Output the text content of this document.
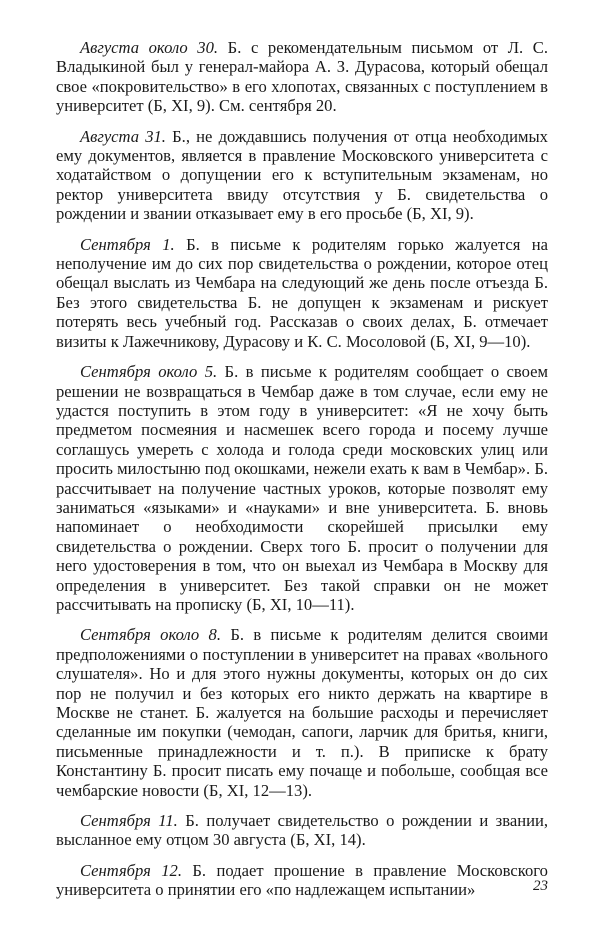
Августа около 30. Б. с рекомендательным письмом от Л. С. Владыкиной был у генерал-майора А. З. Дурасова, который обещал свое «покровительство» в его хлопотах, связанных с поступлением в университет (Б, XI, 9). См. сентября 20.

Августа 31. Б., не дождавшись получения от отца необходимых ему документов, является в правление Московского университета с ходатайством о допущении его к вступительным экзаменам, но ректор университета ввиду отсутствия у Б. свидетельства о рождении и звании отказывает ему в его просьбе (Б, XI, 9).

Сентября 1. Б. в письме к родителям горько жалуется на неполучение им до сих пор свидетельства о рождении, которое отец обещал выслать из Чембара на следующий же день после отъезда Б. Без этого свидетельства Б. не допущен к экзаменам и рискует потерять весь учебный год. Рассказав о своих делах, Б. отмечает визиты к Лажечникову, Дурасову и К. С. Мосоловой (Б, XI, 9—10).

Сентября около 5. Б. в письме к родителям сообщает о своем решении не возвращаться в Чембар даже в том случае, если ему не удастся поступить в этом году в университет: «Я не хочу быть предметом посмеяния и насмешек всего города и посему лучше соглашусь умереть с холода и голода среди московских улиц или просить милостыню под окошками, нежели ехать к вам в Чембар». Б. рассчитывает на получение частных уроков, которые позволят ему заниматься «языками» и «науками» и вне университета. Б. вновь напоминает о необходимости скорейшей присылки ему свидетельства о рождении. Сверх того Б. просит о получении для него удостоверения в том, что он выехал из Чембара в Москву для определения в университет. Без такой справки он не может рассчитывать на прописку (Б, XI, 10—11).

Сентября около 8. Б. в письме к родителям делится своими предположениями о поступлении в университет на правах «вольного слушателя». Но и для этого нужны документы, которых он до сих пор не получил и без которых его никто держать на квартире в Москве не станет. Б. жалуется на большие расходы и перечисляет сделанные им покупки (чемодан, сапоги, ларчик для бритья, книги, письменные принадлежности и т. п.). В приписке к брату Константину Б. просит писать ему почаще и побольше, сообщая все чембарские новости (Б, XI, 12—13).

Сентября 11. Б. получает свидетельство о рождении и звании, высланное ему отцом 30 августа (Б, XI, 14).

Сентября 12. Б. подает прошение в правление Московского университета о принятии его «по надлежащем испытании»	23
